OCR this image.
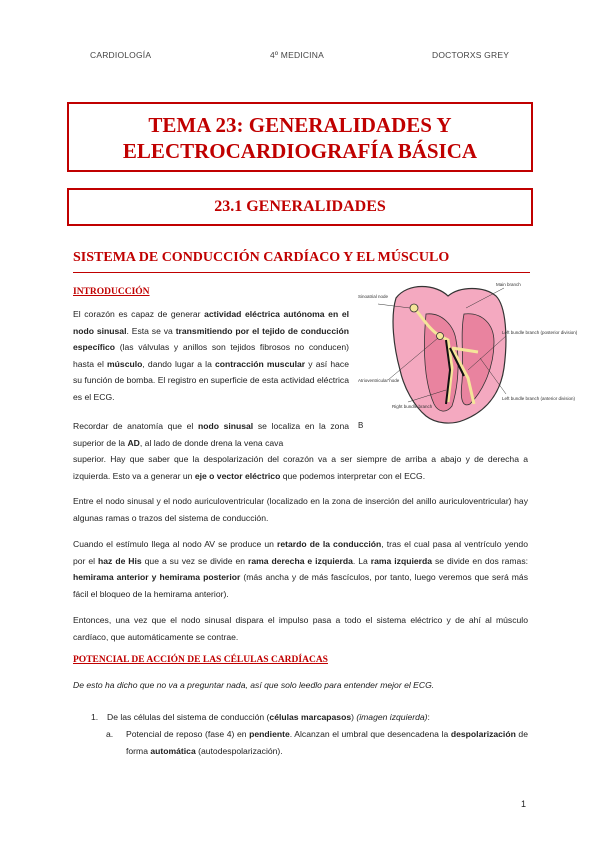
CARDIOLOGÍA	4º MEDICINA	DOCTORXS GREY
TEMA 23: GENERALIDADES Y
ELECTROCARDIOGRAFÍA BÁSICA
23.1 GENERALIDADES
SISTEMA DE CONDUCCIÓN CARDÍACO Y EL MÚSCULO
INTRODUCCIÓN
El corazón es capaz de generar actividad eléctrica autónoma en el nodo sinusal. Esta se va transmitiendo por el tejido de conducción específico (las válvulas y anillos son tejidos fibrosos no conducen) hasta el músculo, dando lugar a la contracción muscular y así hace su función de bomba. El registro en superficie de esta actividad eléctrica es el ECG.
Recordar de anatomía que el nodo sinusal se localiza en la zona superior de la AD, al lado de donde drena la vena cava
superior. Hay que saber que la despolarización del corazón va a ser siempre de arriba a abajo y de derecha a izquierda. Esto va a generar un eje o vector eléctrico que podemos interpretar con el ECG.
Entre el nodo sinusal y el nodo auriculoventricular (localizado en la zona de inserción del anillo auriculoventricular) hay algunas ramas o trazos del sistema de conducción.
Cuando el estímulo llega al nodo AV se produce un retardo de la conducción, tras el cual pasa al ventrículo yendo por el haz de His que a su vez se divide en rama derecha e izquierda. La rama izquierda se divide en dos ramas: hemirama anterior y hemirama posterior (más ancha y de más fascículos, por tanto, luego veremos que será más fácil el bloqueo de la hemirama anterior).
Entonces, una vez que el nodo sinusal dispara el impulso pasa a todo el sistema eléctrico y de ahí al músculo cardíaco, que automáticamente se contrae.
Sinoatrial node
Atrioventricular node
Right bundle branch
Main branch
Left bundle branch (posterior division)
Left bundle branch (anterior division)
B
POTENCIAL DE ACCIÓN DE LAS CÉLULAS CARDÍACAS
De esto ha dicho que no va a preguntar nada, así que solo leedlo para entender mejor el ECG.
1. De las células del sistema de conducción (células marcapasos) (imagen izquierda):
a. Potencial de reposo (fase 4) en pendiente. Alcanzan el umbral que desencadena la despolarización de forma automática (autodespolarización).
1
